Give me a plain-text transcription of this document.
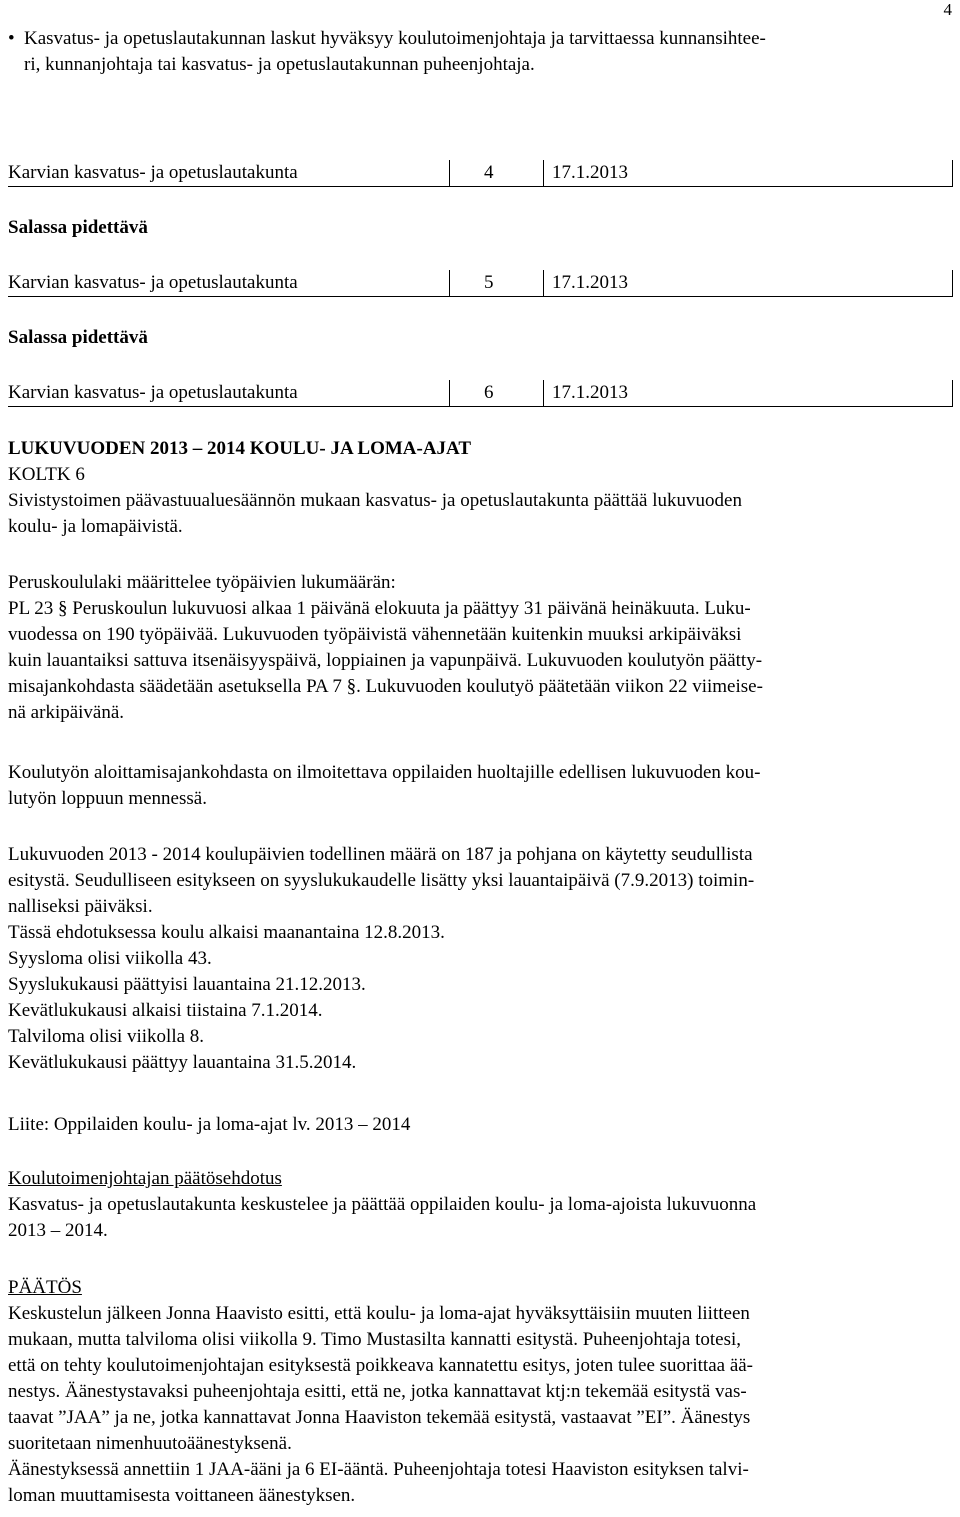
4
• Kasvatus- ja opetuslautakunnan laskut hyväksyy koulutoimenjohtaja ja tarvittaessa kunnansihtee-
ri, kunnanjohtaja tai kasvatus- ja opetuslautakunnan puheenjohtaja.
Karvian kasvatus- ja opetuslautakunta	4	17.1.2013
Salassa pidettävä
Karvian kasvatus- ja opetuslautakunta	5	17.1.2013
Salassa pidettävä
Karvian kasvatus- ja opetuslautakunta	6	17.1.2013
LUKUVUODEN 2013 – 2014 KOULU- JA LOMA-AJAT
KOLTK 6
Sivistystoimen päävastuualuesäännön mukaan kasvatus- ja opetuslautakunta päättää lukuvuoden
koulu- ja lomapäivistä.
Peruskoululaki määrittelee työpäivien lukumäärän:
PL 23 § Peruskoulun lukuvuosi alkaa 1 päivänä elokuuta ja päättyy 31 päivänä heinäkuuta. Luku-
vuodessa on 190 työpäivää. Lukuvuoden työpäivistä vähennetään kuitenkin muuksi arkipäiväksi
kuin lauantaiksi sattuva itsenäisyyspäivä, loppiainen ja vapunpäivä. Lukuvuoden koulutyön päätty-
misajankohdasta säädetään asetuksella PA 7 §. Lukuvuoden koulutyö päätetään viikon 22 viimeise-
nä arkipäivänä.
Koulutyön aloittamisajankohdasta on ilmoitettava oppilaiden huoltajille edellisen lukuvuoden kou-
lutyön loppuun mennessä.
Lukuvuoden 2013 - 2014 koulupäivien todellinen määrä on 187 ja pohjana on käytetty seudullista
esitystä. Seudulliseen esitykseen on syyslukukaudelle lisätty yksi lauantaipäivä (7.9.2013) toimin-
nalliseksi päiväksi.
Tässä ehdotuksessa koulu alkaisi maanantaina 12.8.2013.
Syysloma olisi viikolla 43.
Syyslukukausi päättyisi lauantaina 21.12.2013.
Kevätlukukausi alkaisi tiistaina 7.1.2014.
Talviloma olisi viikolla 8.
Kevätlukukausi päättyy lauantaina 31.5.2014.
Liite: Oppilaiden koulu- ja loma-ajat lv. 2013 – 2014
Koulutoimenjohtajan päätösehdotus
Kasvatus- ja opetuslautakunta keskustelee ja päättää oppilaiden koulu- ja loma-ajoista lukuvuonna
2013 – 2014.
PÄÄTÖS
Keskustelun jälkeen Jonna Haavisto esitti, että koulu- ja loma-ajat hyväksyttäisiin muuten liitteen
mukaan, mutta talviloma olisi viikolla 9. Timo Mustasilta kannatti esitystä. Puheenjohtaja totesi,
että on tehty koulutoimenjohtajan esityksestä poikkeava kannatettu esitys, joten tulee suorittaa ää-
nestys. Äänestystavaksi puheenjohtaja esitti, että ne, jotka kannattavat ktj:n tekemää esitystä vas-
taavat ”JAA” ja ne, jotka kannattavat Jonna Haaviston tekemää esitystä, vastaavat ”EI”. Äänestys
suoritetaan nimenhuutoäänestyksenä.
Äänestyksessä annettiin 1 JAA-ääni ja 6 EI-ääntä. Puheenjohtaja totesi Haaviston esityksen talvi-
loman muuttamisesta voittaneen äänestyksen.
